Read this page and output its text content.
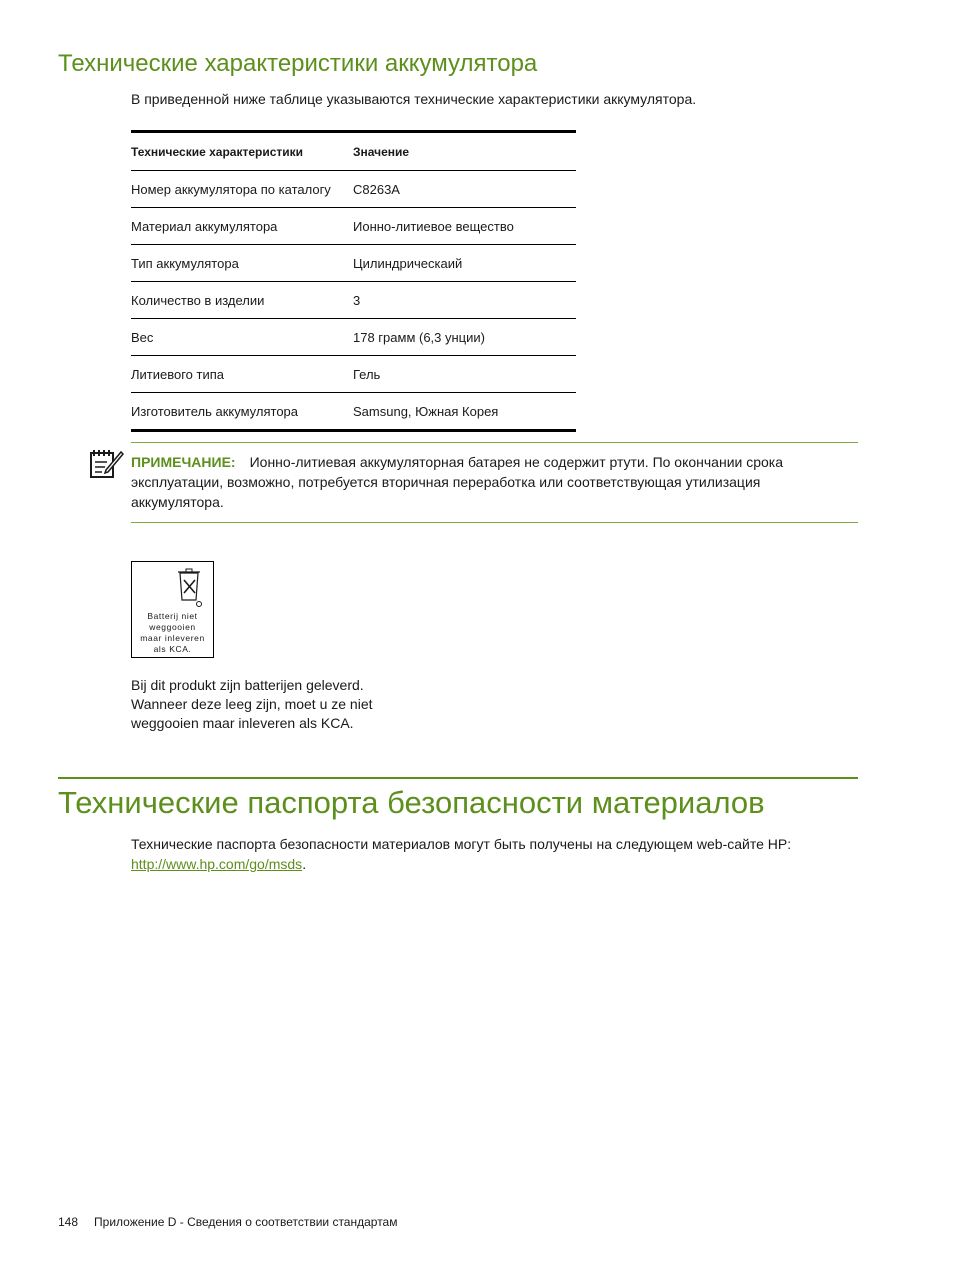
Технические характеристики аккумулятора
В приведенной ниже таблице указываются технические характеристики аккумулятора.
Технические характеристики	Значение
Номер аккумулятора по каталогу	C8263A
Материал аккумулятора	Ионно-литиевое вещество
Тип аккумулятора	Цилиндрическаий
Количество в изделии	3
Вес	178 грамм (6,3 унции)
Литиевого типа	Гель
Изготовитель аккумулятора	Samsung, Южная Корея
ПРИМЕЧАНИЕ: Ионно-литиевая аккумуляторная батарея не содержит ртути. По окончании срока эксплуатации, возможно, потребуется вторичная переработка или соответствующая утилизация аккумулятора.
Batterij niet
weggooien
maar inleveren
als KCA.
Bij dit produkt zijn batterijen geleverd.
Wanneer deze leeg zijn, moet u ze niet
weggooien maar inleveren als KCA.
Технические паспорта безопасности материалов
Технические паспорта безопасности материалов могут быть получены на следующем web-сайте HP:
http://www.hp.com/go/msds.
148 Приложение D - Сведения о соответствии стандартам
